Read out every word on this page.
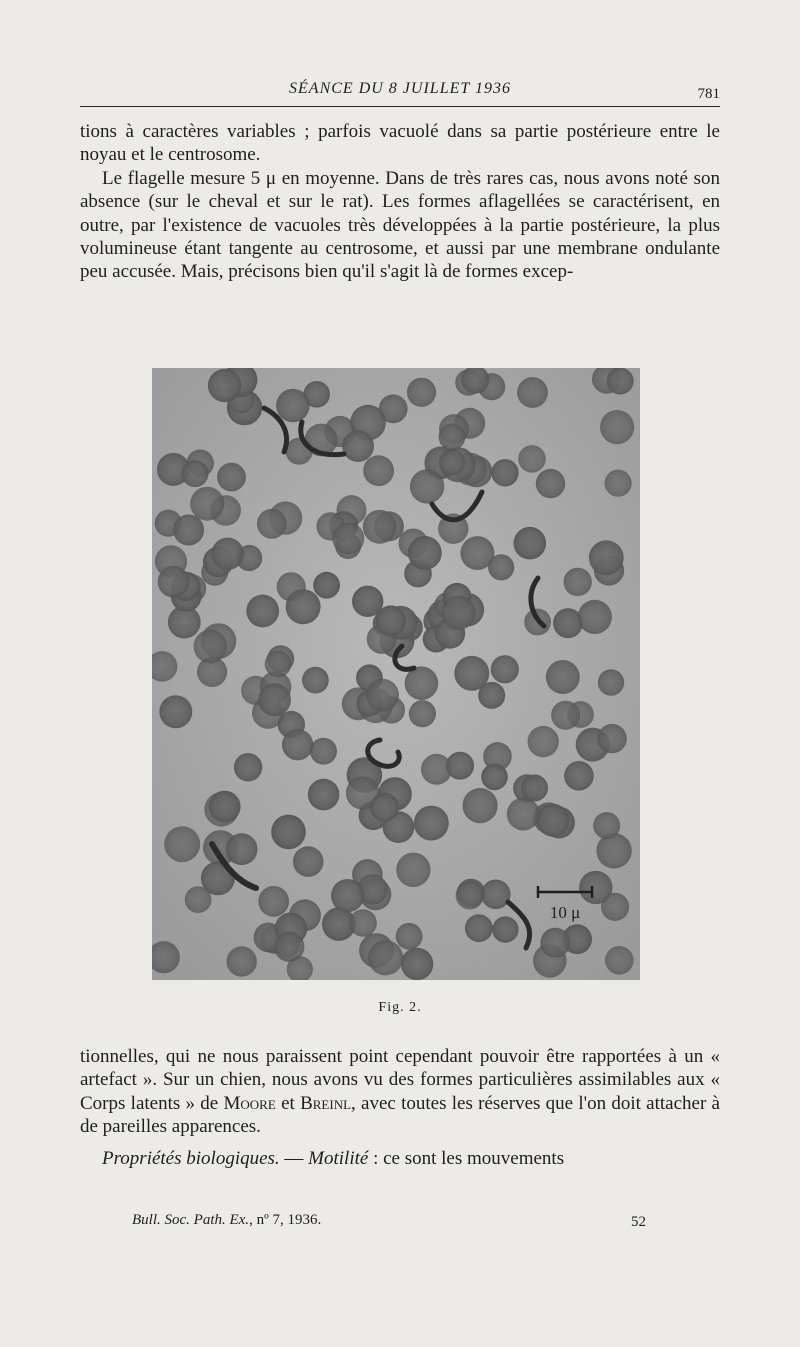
SÉANCE DU 8 JUILLET 1936	781

tions à caractères variables ; parfois vacuolé dans sa partie postérieure entre le noyau et le centrosome.

Le flagelle mesure 5 μ en moyenne. Dans de très rares cas, nous avons noté son absence (sur le cheval et sur le rat). Les formes aflagellées se caractérisent, en outre, par l'existence de vacuoles très développées à la partie postérieure, la plus volumineuse étant tangente au centrosome, et aussi par une membrane ondulante peu accusée. Mais, précisons bien qu'il s'agit là de formes excep-

10 μ
Fig. 2.

tionnelles, qui ne nous paraissent point cependant pouvoir être rapportées à un « artefact ». Sur un chien, nous avons vu des formes particulières assimilables aux « Corps latents » de Moore et Breinl, avec toutes les réserves que l'on doit attacher à de pareilles apparences.

Propriétés biologiques. — Motilité : ce sont les mouvements

Bull. Soc. Path. Ex., nº 7, 1936.	52
